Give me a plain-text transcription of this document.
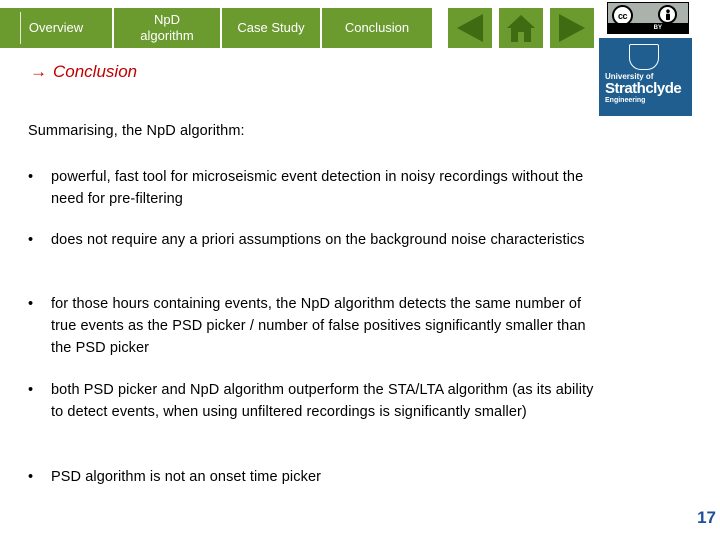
Overview
NpD algorithm
Case Study	Conclusion
cc
BY
University of
Strathclyde
Engineering
→ Conclusion
Summarising, the NpD algorithm:
• powerful, fast tool for microseismic event detection in noisy recordings without the need for pre-filtering
• does not require any a priori assumptions on the background noise characteristics
• for those hours containing events, the NpD algorithm detects the same number of true events as the PSD picker / number of false positives significantly smaller than the PSD picker
• both PSD picker and NpD algorithm outperform the STA/LTA algorithm (as its ability to detect events, when using unfiltered recordings is significantly smaller)
• PSD algorithm is not an onset time picker
17
